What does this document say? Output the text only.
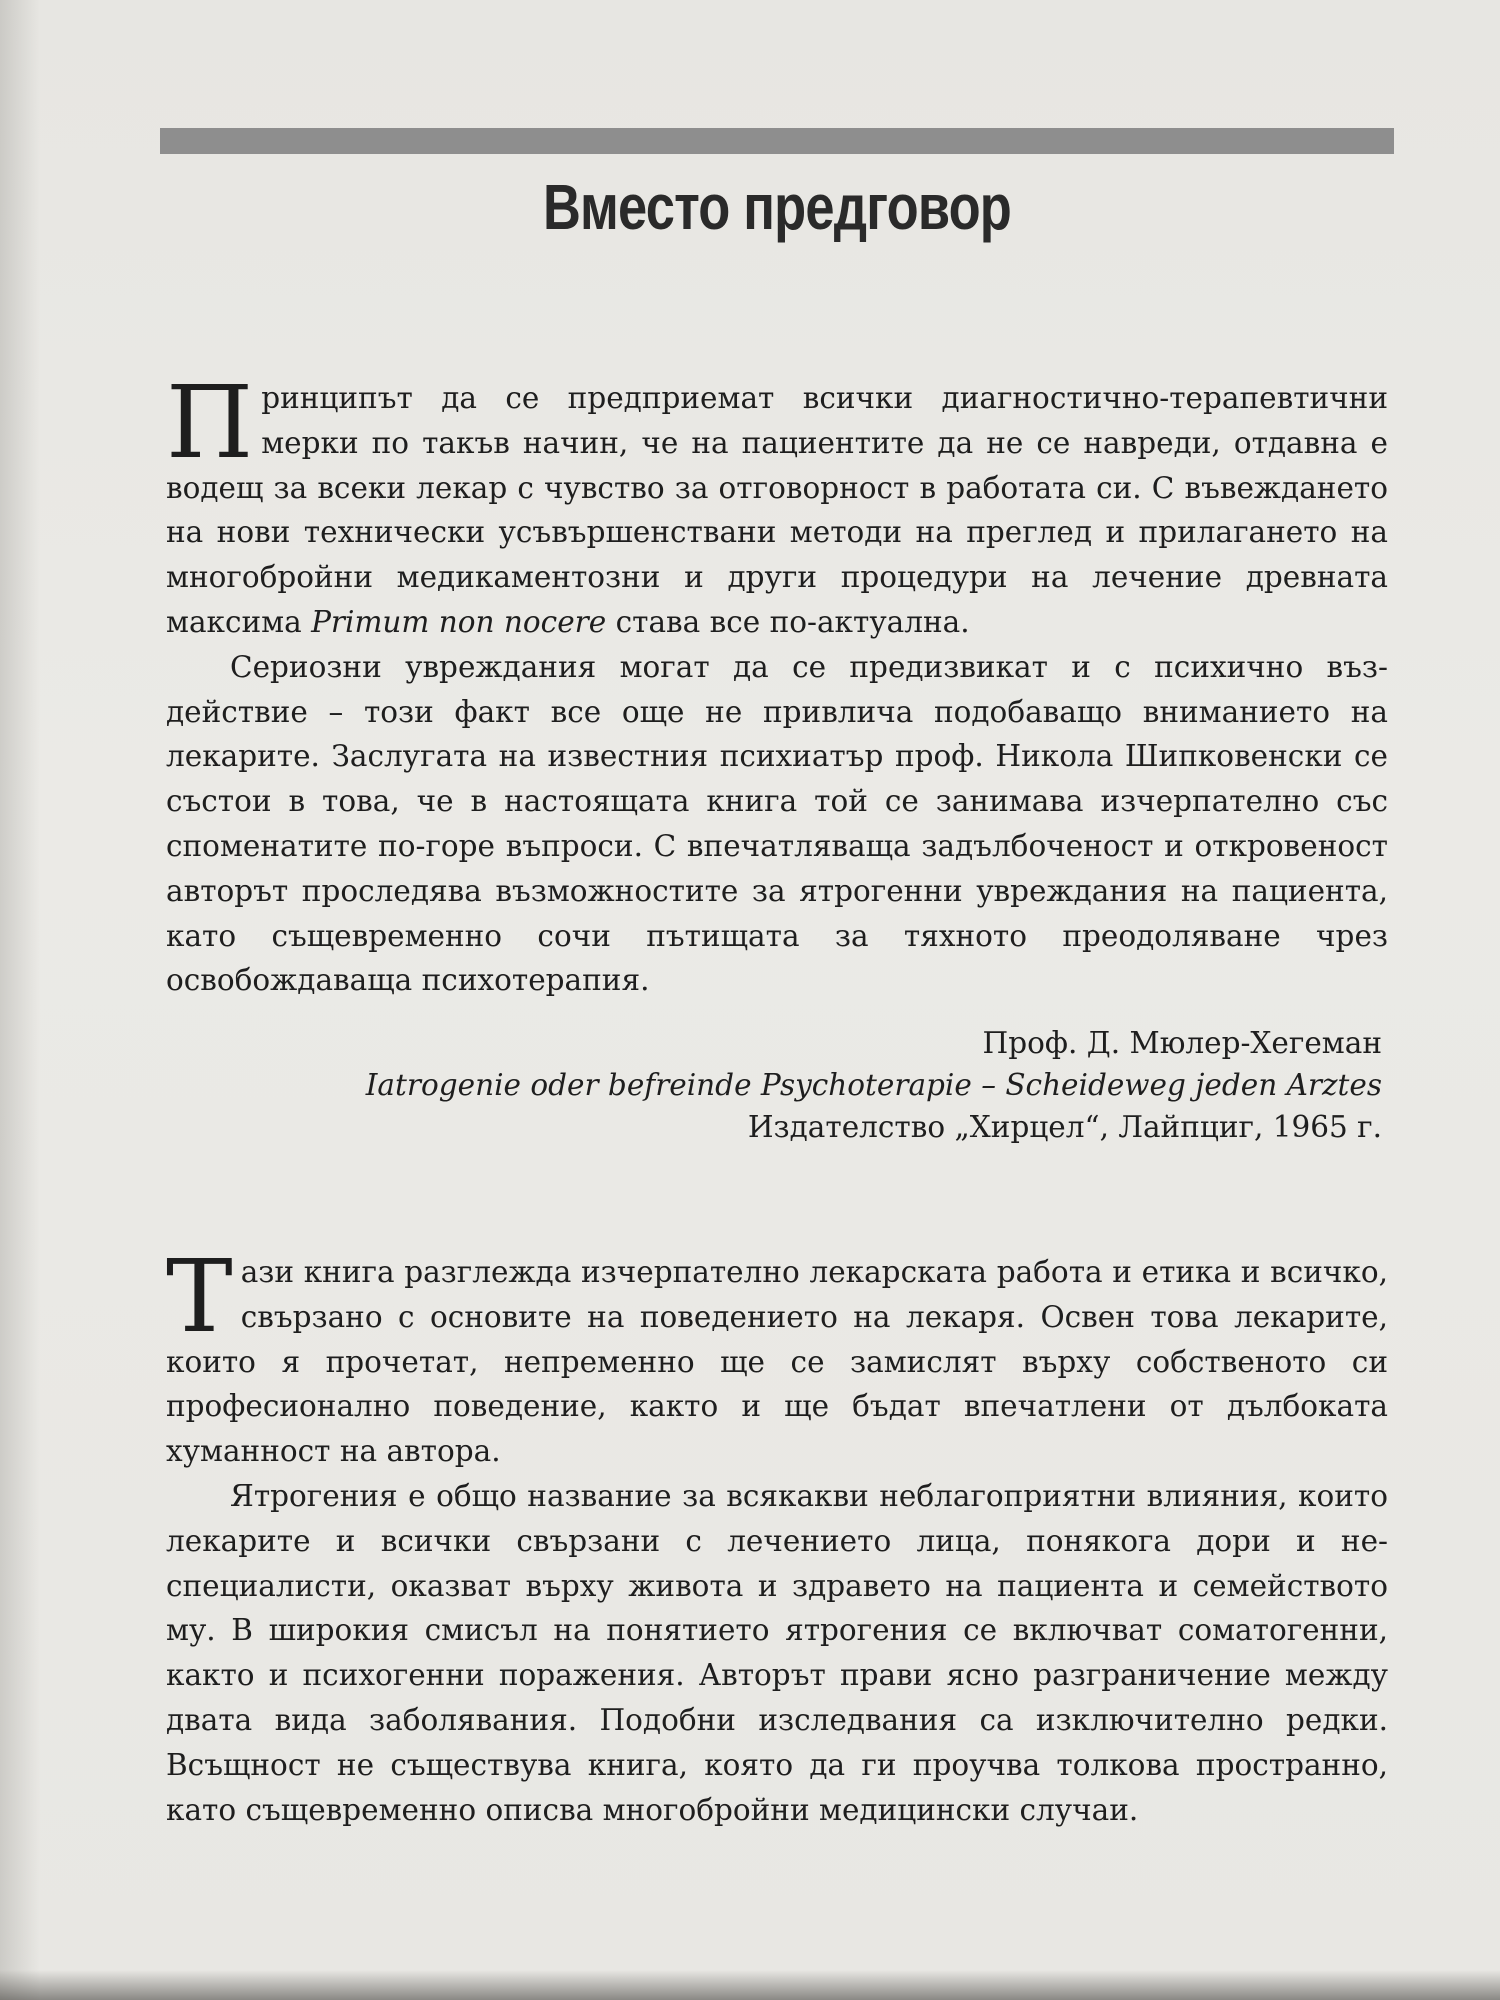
Вместо предговор

Принципът да се предприемат всички диагностично-терапевтични мерки по такъв начин, че на пациентите да не се навреди, отдавна е водещ за всеки лекар с чувство за отговорност в работата си. С въвеждането на нови технически усъвършенствани методи на преглед и прилагането на многобройни медикаментозни и други процедури на лечение древната максима Primum non nocere става все по-актуална.

Сериозни увреждания могат да се предизвикат и с психично въздействие – този факт все още не привлича подобаващо вниманието на лекарите. Заслугата на известния психиатър проф. Никола Шипковенски се състои в това, че в настоящата книга той се занимава изчерпателно със споменатите по-горе въпроси. С впечатляваща задълбоченост и откровеност авторът проследява възможностите за ятрогенни увреждания на пациента, като същевременно сочи пътищата за тяхното преодоляване чрез освобождаваща психотерапия.

Проф. Д. Мюлер-Хегеман
Iatrogenie oder befreinde Psychoterapie – Scheideweg jeden Arztes
Издателство „Хирцел“, Лайпциг, 1965 г.

Тази книга разглежда изчерпателно лекарската работа и етика и всичко, свързано с основите на поведението на лекаря. Освен това лекарите, които я прочетат, непременно ще се замислят върху собственото си професионално поведение, както и ще бъдат впечатлени от дълбоката хуманност на автора.

Ятрогения е общо название за всякакви неблагоприятни влияния, които лекарите и всички свързани с лечението лица, понякога дори и неспециалисти, оказват върху живота и здравето на пациента и семейството му. В широкия смисъл на понятието ятрогения се включват соматогенни, както и психогенни поражения. Авторът прави ясно разграничение между двата вида заболявания. Подобни изследвания са изключително редки. Всъщност не съществува книга, която да ги проучва толкова пространно, като същевременно описва многобройни медицински случаи.
